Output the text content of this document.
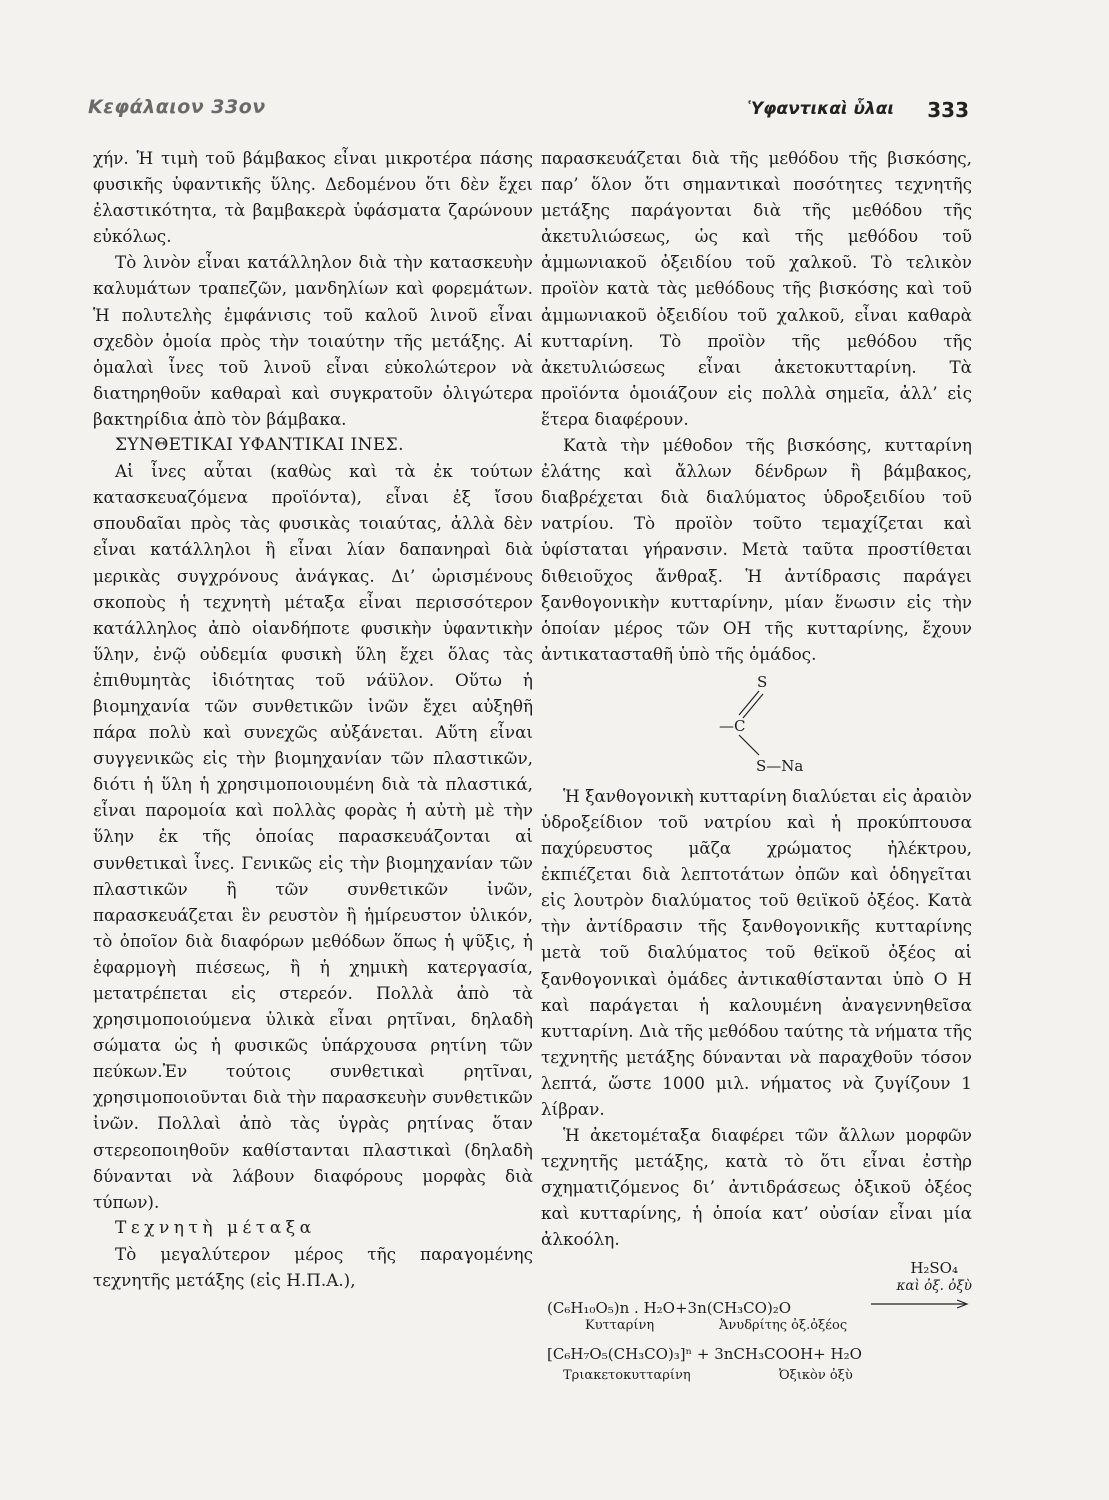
Κεφάλαιον 33ον	Ὑφαντικαὶ ὗλαι 333

χήν. Ἡ τιμὴ τοῦ βάμβακος εἶναι μικροτέρα πάσης φυσικῆς ὑφαντικῆς ὕλης. Δεδομένου ὅτι δὲν ἔχει ἐλαστικότητα, τὰ βαμβακερὰ ὑφάσματα ζαρώνουν εὐκόλως.

Τὸ λινὸν εἶναι κατάλληλον διὰ τὴν κατασκευὴν καλυμάτων τραπεζῶν, μανδηλίων καὶ φορεμάτων. Ἡ πολυτελὴς ἐμφάνισις τοῦ καλοῦ λινοῦ εἶναι σχεδὸν ὁμοία πρὸς τὴν τοιαύτην τῆς μετάξης. Αἱ ὁμαλαὶ ἶνες τοῦ λινοῦ εἶναι εὐκολώτερον νὰ διατηρηθοῦν καθαραὶ καὶ συγκρατοῦν ὀλιγώτερα βακτηρίδια ἀπὸ τὸν βάμβακα.

ΣΥΝΘΕΤΙΚΑΙ ΥΦΑΝΤΙΚΑΙ ΙΝΕΣ.

Αἱ ἶνες αὗται (καθὼς καὶ τὰ ἐκ τούτων κατασκευαζόμενα προϊόντα), εἶναι ἐξ ἴσου σπουδαῖαι πρὸς τὰς φυσικὰς τοιαύτας, ἀλλὰ δὲν εἶναι κατάλληλοι ἢ εἶναι λίαν δαπανηραὶ διὰ μερικὰς συγχρόνους ἀνάγκας. Δι’ ὡρισμένους σκοποὺς ἡ τεχνητὴ μέταξα εἶναι περισσότερον κατάλληλος ἀπὸ οἱανδήποτε φυσικὴν ὑφαντικὴν ὕλην, ἐνῷ οὐδεμία φυσικὴ ὕλη ἔχει ὅλας τὰς ἐπιθυμητὰς ἰδιότητας τοῦ νάϋλον. Οὕτω ἡ βιομηχανία τῶν συνθετικῶν ἰνῶν ἔχει αὐξηθῆ πάρα πολὺ καὶ συνεχῶς αὐξάνεται. Αὕτη εἶναι συγγενικῶς εἰς τὴν βιομηχανίαν τῶν πλαστικῶν, διότι ἡ ὕλη ἡ χρησιμοποιουμένη διὰ τὰ πλαστικά, εἶναι παρομοία καὶ πολλὰς φορὰς ἡ αὐτὴ μὲ τὴν ὕλην ἐκ τῆς ὁποίας παρασκευάζονται αἱ συνθετικαὶ ἶνες. Γενικῶς εἰς τὴν βιομηχανίαν τῶν πλαστικῶν ἢ τῶν συνθετικῶν ἰνῶν, παρασκευάζεται ἓν ρευστὸν ἢ ἡμίρευστον ὑλικόν, τὸ ὁποῖον διὰ διαφόρων μεθόδων ὅπως ἡ ψῦξις, ἡ ἐφαρμογὴ πιέσεως, ἢ ἡ χημικὴ κατεργασία, μετατρέπεται εἰς στερεόν. Πολλὰ ἀπὸ τὰ χρησιμοποιούμενα ὑλικὰ εἶναι ρητῖναι, δηλαδὴ σώματα ὡς ἡ φυσικῶς ὑπάρχουσα ρητίνη τῶν πεύκων.Ἐν τούτοις συνθετικαὶ ρητῖναι, χρησιμοποιοῦνται διὰ τὴν παρασκευὴν συνθετικῶν ἰνῶν. Πολλαὶ ἀπὸ τὰς ὑγρὰς ρητίνας ὅταν στερεοποιηθοῦν καθίστανται πλαστικαὶ (δηλαδὴ δύνανται νὰ λάβουν διαφόρους μορφὰς διὰ τύπων).

Τεχνητὴ μέταξα

Τὸ μεγαλύτερον μέρος τῆς παραγομένης τεχνητῆς μετάξης (εἰς Η.Π.Α.),

παρασκευάζεται διὰ τῆς μεθόδου τῆς βισκόσης, παρ’ ὅλον ὅτι σημαντικαὶ ποσότητες τεχνητῆς μετάξης παράγονται διὰ τῆς μεθόδου τῆς ἀκετυλιώσεως, ὡς καὶ τῆς μεθόδου τοῦ ἀμμωνιακοῦ ὀξειδίου τοῦ χαλκοῦ. Τὸ τελικὸν προϊὸν κατὰ τὰς μεθόδους τῆς βισκόσης καὶ τοῦ ἀμμωνιακοῦ ὀξειδίου τοῦ χαλκοῦ, εἶναι καθαρὰ κυτταρίνη. Τὸ προϊὸν τῆς μεθόδου τῆς ἀκετυλιώσεως εἶναι ἀκετοκυτταρίνη. Τὰ προϊόντα ὁμοιάζουν εἰς πολλὰ σημεῖα, ἀλλ’ εἰς ἕτερα διαφέρουν.

Κατὰ τὴν μέθοδον τῆς βισκόσης, κυτταρίνη ἐλάτης καὶ ἄλλων δένδρων ἢ βάμβακος, διαβρέχεται διὰ διαλύματος ὑδροξειδίου τοῦ νατρίου. Τὸ προϊὸν τοῦτο τεμαχίζεται καὶ ὑφίσταται γήρανσιν. Μετὰ ταῦτα προστίθεται διθειοῦχος ἄνθραξ. Ἡ ἀντίδρασις παράγει ξανθογονικὴν κυτταρίνην, μίαν ἕνωσιν εἰς τὴν ὁποίαν μέρος τῶν ΟΗ τῆς κυτταρίνης, ἔχουν ἀντικατασταθῆ ὑπὸ τῆς ὁμάδος.

S
—C
S—Na

Ἡ ξανθογονικὴ κυτταρίνη διαλύεται εἰς ἀραιὸν ὑδροξείδιον τοῦ νατρίου καὶ ἡ προκύπτουσα παχύρευστος μᾶζα χρώματος ἠλέκτρου, ἐκπιέζεται διὰ λεπτοτάτων ὀπῶν καὶ ὁδηγεῖται εἰς λουτρὸν διαλύματος τοῦ θειϊκοῦ ὀξέος. Κατὰ τὴν ἀντίδρασιν τῆς ξανθογονικῆς κυτταρίνης μετὰ τοῦ διαλύματος τοῦ θεϊκοῦ ὀξέος αἱ ξανθογονικαὶ ὁμάδες ἀντικαθίστανται ὑπὸ Ο Η καὶ παράγεται ἡ καλουμένη ἀναγεννηθεῖσα κυτταρίνη. Διὰ τῆς μεθόδου ταύτης τὰ νήματα τῆς τεχνητῆς μετάξης δύνανται νὰ παραχθοῦν τόσον λεπτά, ὥστε 1000 μιλ. νήματος νὰ ζυγίζουν 1 λίβραν.

Ἡ ἀκετομέταξα διαφέρει τῶν ἄλλων μορφῶν τεχνητῆς μετάξης, κατὰ τὸ ὅτι εἶναι ἐστὴρ σχηματιζόμενος δι’ ἀντιδράσεως ὀξικοῦ ὀξέος καὶ κυτταρίνης, ἡ ὁποία κατ’ οὐσίαν εἶναι μία ἀλκοόλη.

H₂SO₄
καὶ ὀξ. ὀξὺ
(C₆H₁₀O₅)n . H₂O+3n(CH₃CO)₂O
Κυτταρίνη	Ἀνυδρίτης ὀξ.ὀξέος
[C₆H₇O₅(CH₃CO)₃]ⁿ + 3nCH₃COOH+ H₂O
Τριακετοκυτταρίνη	Ὀξικὸν ὀξὺ
